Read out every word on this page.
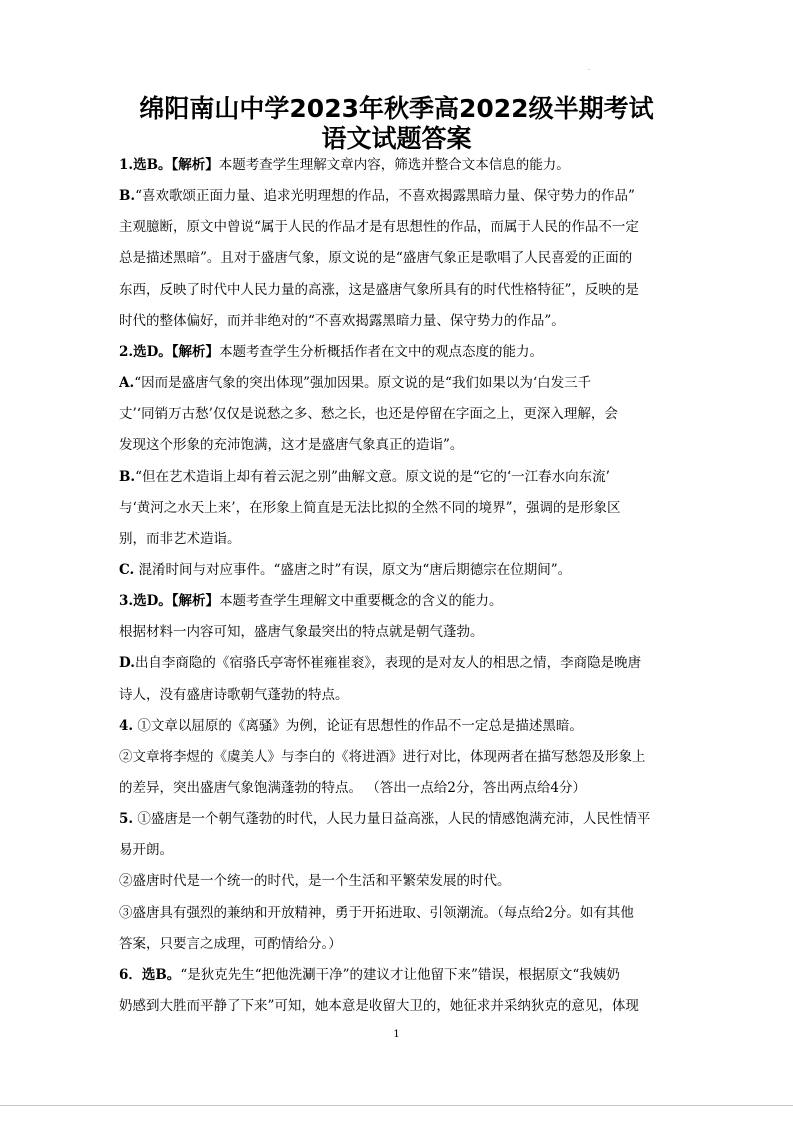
.
绵阳南山中学2023年秋季高2022级半期考试
语文试题答案
1.选B。【解析】本题考查学生理解文章内容，筛选并整合文本信息的能力。
B.“喜欢歌颂正面力量、追求光明理想的作品，不喜欢揭露黑暗力量、保守势力的作品”
主观臆断，原文中曾说“属于人民的作品才是有思想性的作品，而属于人民的作品不一定
总是描述黑暗”。且对于盛唐气象，原文说的是“盛唐气象正是歌唱了人民喜爱的正面的
东西，反映了时代中人民力量的高涨，这是盛唐气象所具有的时代性格特征”，反映的是
时代的整体偏好，而并非绝对的“不喜欢揭露黑暗力量、保守势力的作品”。
2.选D。【解析】本题考查学生分析概括作者在文中的观点态度的能力。
A.“因而是盛唐气象的突出体现”强加因果。原文说的是“我们如果以为‘白发三千
丈’‘同销万古愁’仅仅是说愁之多、愁之长，也还是停留在字面之上，更深入理解，会
发现这个形象的充沛饱满，这才是盛唐气象真正的造诣”。
B.“但在艺术造诣上却有着云泥之别”曲解文意。原文说的是“它的‘一江春水向东流’
与‘黄河之水天上来’，在形象上简直是无法比拟的全然不同的境界”，强调的是形象区
别，而非艺术造诣。
C. 混淆时间与对应事件。“盛唐之时”有误，原文为“唐后期德宗在位期间”。
3.选D。【解析】本题考查学生理解文中重要概念的含义的能力。
根据材料一内容可知，盛唐气象最突出的特点就是朝气蓬勃。
D.出自李商隐的《宿骆氏亭寄怀崔雍崔衮》，表现的是对友人的相思之情，李商隐是晚唐
诗人，没有盛唐诗歌朝气蓬勃的特点。
4. ①文章以屈原的《离骚》为例，论证有思想性的作品不一定总是描述黑暗。
②文章将李煜的《虞美人》与李白的《将进酒》进行对比，体现两者在描写愁怨及形象上
的差异，突出盛唐气象饱满蓬勃的特点。 （答出一点给2分，答出两点给4分）
5. ①盛唐是一个朝气蓬勃的时代，人民力量日益高涨，人民的情感饱满充沛，人民性情平
易开朗。
②盛唐时代是一个统一的时代，是一个生活和平繁荣发展的时代。
③盛唐具有强烈的兼纳和开放精神，勇于开拓进取、引领潮流。（每点给2分。如有其他
答案，只要言之成理，可酌情给分。）
6．选B。“是狄克先生“把他洗涮干净”的建议才让他留下来”错误，根据原文“我姨奶
奶感到大胜而平静了下来”可知，她本意是收留大卫的，她征求并采纳狄克的意见，体现
1
